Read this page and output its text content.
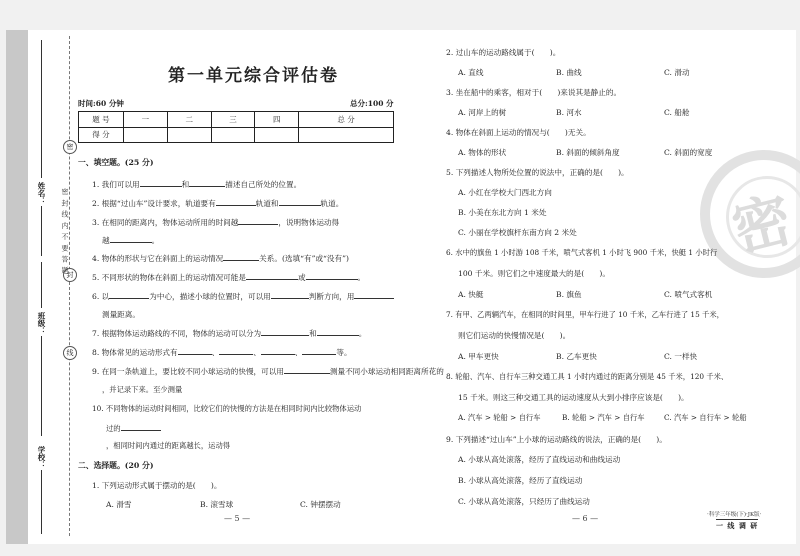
姓名：
班级：
学校：
密
封
线
密 封 线 内 不 要 答 题
第一单元综合评估卷
时间:60 分钟	总分:100 分
题 号	一	二	三	四	总 分
得 分					
一、填空题。(25 分)
1. 我们可以用	和	描述自己所处的位置。
2. 根据“过山车”设计要求，轨道要有	轨道和	轨道。
3. 在相同的距离内，物体运动所用的时间越	，说明物体运动得
越	。
4. 物体的形状与它在斜面上的运动情况	关系。(选填“有”或“没有”)
5. 不同形状的物体在斜面上的运动情况可能是	或	。
6. 以	为中心，描述小球的位置时，可以用	判断方向，用
测量距离。
7. 根据物体运动路线的不同，物体的运动可以分为	和	。
8. 物体常见的运动形式有	、	、	、	等。
9. 在同一条轨道上，要比较不同小球运动的快慢，可以用	测量不同小球运动相同距离所花的
，并记录下来。至少测量
10. 不同物体的运动时间相同，比较它们的快慢的方法是在相同时间内比较物体运动
过的
，相同时间内通过的距离越长，运动得
二、选择题。(20 分)
1. 下列运动形式属于摆动的是(　　)。
A. 滑雪	B. 滚雪球	C. 钟摆摆动
— 5 —
密
2. 过山车的运动路线属于(　　)。
A. 直线	B. 曲线	C. 滑动
3. 坐在船中的乘客，相对于(　　)来说其是静止的。
A. 河岸上的树	B. 河水	C. 船舱
4. 物体在斜面上运动的情况与(　　)无关。
A. 物体的形状	B. 斜面的倾斜角度	C. 斜面的宽度
5. 下列描述人物所处位置的说法中，正确的是(　　)。
A. 小红在学校大门西北方向
B. 小美在东北方向 1 米处
C. 小丽在学校旗杆东南方向 2 米处
6. 水中的旗鱼 1 小时游 108 千米，喷气式客机 1 小时飞 900 千米，快艇 1 小时行
100 千米。则它们之中速度最大的是(　　)。
A. 快艇	B. 旗鱼	C. 喷气式客机
7. 有甲、乙两辆汽车，在相同的时间里，甲车行进了 10 千米，乙车行进了 15 千米，
则它们运动的快慢情况是(　　)。
A. 甲车更快	B. 乙车更快	C. 一样快
8. 轮船、汽车、自行车三种交通工具 1 小时内通过的距离分别是 45 千米，120 千米、
15 千米。则这三种交通工具的运动速度从大到小排序应该是(　　)。
A. 汽车 > 轮船 > 自行车	B. 轮船 > 汽车 > 自行车	C. 汽车 > 自行车 > 轮船
9. 下列描述“过山车”上小球的运动路线的说法，正确的是(　　)。
A. 小球从高处滚落，经历了直线运动和曲线运动
B. 小球从高处滚落，经历了直线运动
C. 小球从高处滚落，只经历了曲线运动
— 6 —	·科学三年级(下)·JK版·
一 线 调 研
